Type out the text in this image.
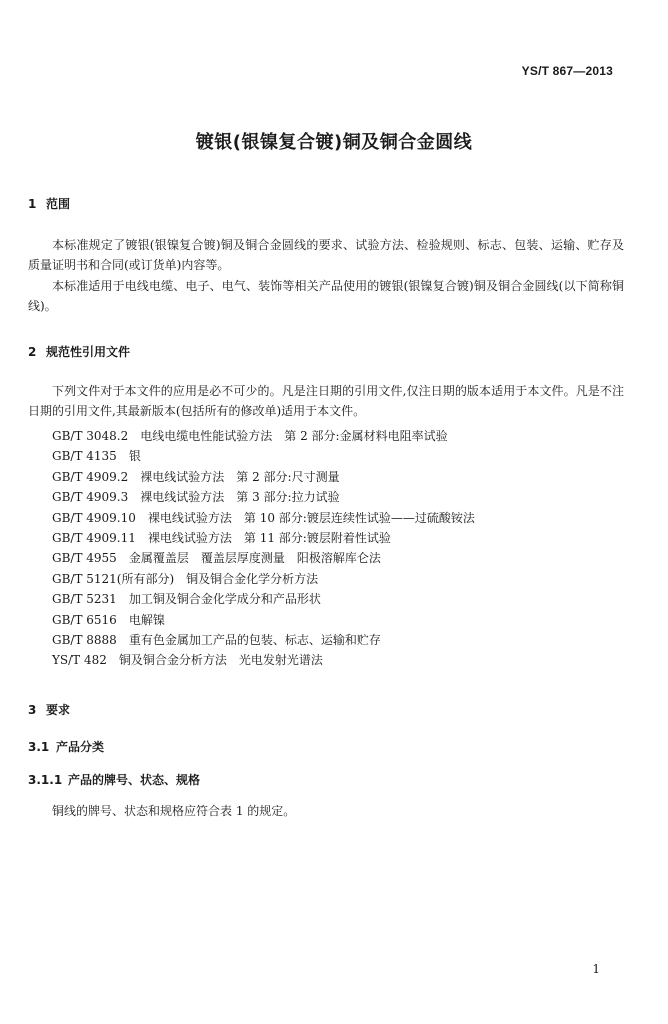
YS/T 867—2013
镀银(银镍复合镀)铜及铜合金圆线
1 范围
本标准规定了镀银(银镍复合镀)铜及铜合金圆线的要求、试验方法、检验规则、标志、包装、运输、贮存及质量证明书和合同(或订货单)内容等。
本标准适用于电线电缆、电子、电气、装饰等相关产品使用的镀银(银镍复合镀)铜及铜合金圆线(以下简称铜线)。
2 规范性引用文件
下列文件对于本文件的应用是必不可少的。凡是注日期的引用文件,仅注日期的版本适用于本文件。凡是不注日期的引用文件,其最新版本(包括所有的修改单)适用于本文件。
GB/T 3048.2 电线电缆电性能试验方法　第 2 部分:金属材料电阻率试验
GB/T 4135 银
GB/T 4909.2 裸电线试验方法　第 2 部分:尺寸测量
GB/T 4909.3 裸电线试验方法　第 3 部分:拉力试验
GB/T 4909.10 裸电线试验方法　第 10 部分:镀层连续性试验——过硫酸铵法
GB/T 4909.11 裸电线试验方法　第 11 部分:镀层附着性试验
GB/T 4955 金属覆盖层　覆盖层厚度测量　阳极溶解库仑法
GB/T 5121(所有部分) 铜及铜合金化学分析方法
GB/T 5231 加工铜及铜合金化学成分和产品形状
GB/T 6516 电解镍
GB/T 8888 重有色金属加工产品的包装、标志、运输和贮存
YS/T 482 铜及铜合金分析方法　光电发射光谱法
3 要求
3.1 产品分类
3.1.1 产品的牌号、状态、规格
铜线的牌号、状态和规格应符合表 1 的规定。
1
